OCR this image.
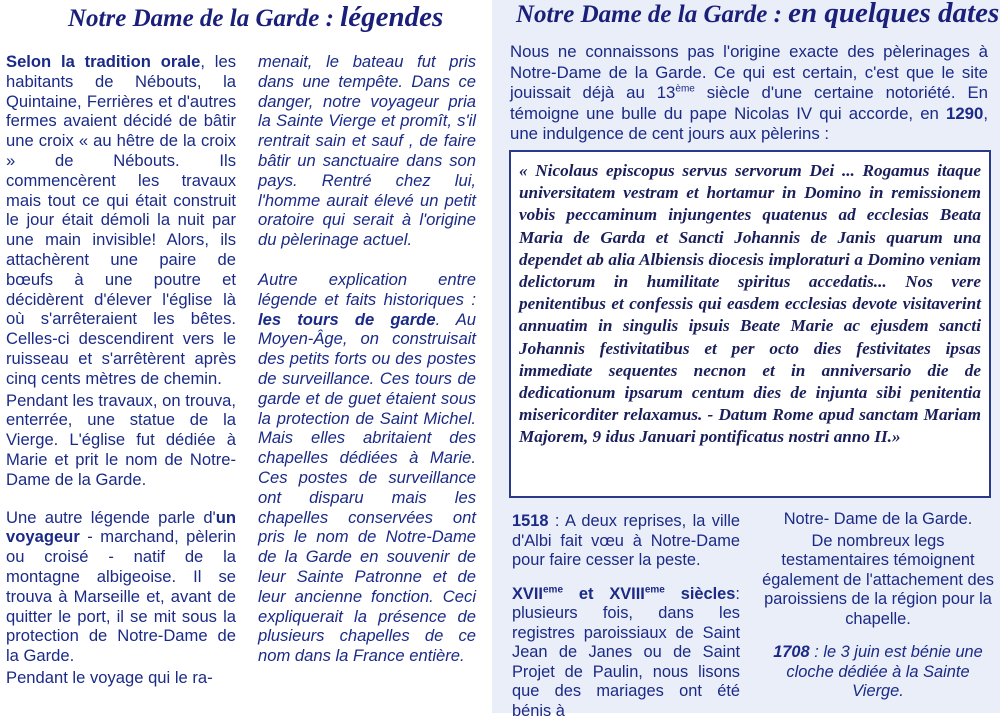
Notre Dame de la Garde : légendes

Selon la tradition orale, les habitants de Nébouts, la Quintaine, Ferrières et d'autres fermes avaient décidé de bâtir une croix « au hêtre de la croix » de Nébouts. Ils commencèrent les travaux mais tout ce qui était construit le jour était démoli la nuit par une main invisible! Alors, ils attachèrent une paire de bœufs à une poutre et décidèrent d'élever l'église là où s'arrêteraient les bêtes. Celles-ci descendirent vers le ruisseau et s'arrêtèrent après cinq cents mètres de chemin.

Pendant les travaux, on trouva, enterrée, une statue de la Vierge. L'église fut dédiée à Marie et prit le nom de Notre-Dame de la Garde.

Une autre légende parle d'un voyageur - marchand, pèlerin ou croisé - natif de la montagne albigeoise. Il se trouva à Marseille et, avant de quitter le port, il se mit sous la protection de Notre-Dame de la Garde.

Pendant le voyage qui le ra-

menait, le bateau fut pris dans une tempête. Dans ce danger, notre voyageur pria la Sainte Vierge et promît, s'il rentrait sain et sauf , de faire bâtir un sanctuaire dans son pays. Rentré chez lui, l'homme aurait élevé un petit oratoire qui serait à l'origine du pèlerinage actuel.

Autre explication entre légende et faits historiques : les tours de garde. Au Moyen-Âge, on construisait des petits forts ou des postes de surveillance. Ces tours de garde et de guet étaient sous la protection de Saint Michel. Mais elles abritaient des chapelles dédiées à Marie. Ces postes de surveillance ont disparu mais les chapelles conservées ont pris le nom de Notre-Dame de la Garde en souvenir de leur Sainte Patronne et de leur ancienne fonction. Ceci expliquerait la présence de plusieurs chapelles de ce nom dans la France entière.

Notre Dame de la Garde : en quelques dates

Nous ne connaissons pas l'origine exacte des pèlerinages à Notre-Dame de la Garde. Ce qui est certain, c'est que le site jouissait déjà au 13ème siècle d'une certaine notoriété. En témoigne une bulle du pape Nicolas IV qui accorde, en 1290, une indulgence de cent jours aux pèlerins :

« Nicolaus episcopus servus servorum Dei ... Rogamus itaque universitatem vestram et hortamur in Domino in remissionem vobis peccaminum injungentes quatenus ad ecclesias Beata Maria de Garda et Sancti Johannis de Janis quarum una dependet ab alia Albiensis diocesis imploraturi a Domino veniam delictorum in humilitate spiritus accedatis... Nos vere penitentibus et confessis qui easdem ecclesias devote visitaverint annuatim in singulis ipsuis Beate Marie ac ejusdem sancti Johannis festivitatibus et per octo dies festivitates ipsas immediate sequentes necnon et in anniversario die de dedicationum ipsarum centum dies de injunta sibi penitentia misericorditer relaxamus. - Datum Rome apud sanctam Mariam Majorem, 9 idus Januari pontificatus nostri anno II.»

1518 : A deux reprises, la ville d'Albi fait vœu à Notre-Dame pour faire cesser la peste.

XVIIeme et XVIIIeme siècles: plusieurs fois, dans les registres paroissiaux de Saint Jean de Janes ou de Saint Projet de Paulin, nous lisons que des mariages ont été bénis à

Notre- Dame de la Garde.

De nombreux legs testamentaires témoignent également de l'attachement des paroissiens de la région pour la chapelle.

1708 : le 3 juin est bénie une cloche dédiée à la Sainte Vierge.
